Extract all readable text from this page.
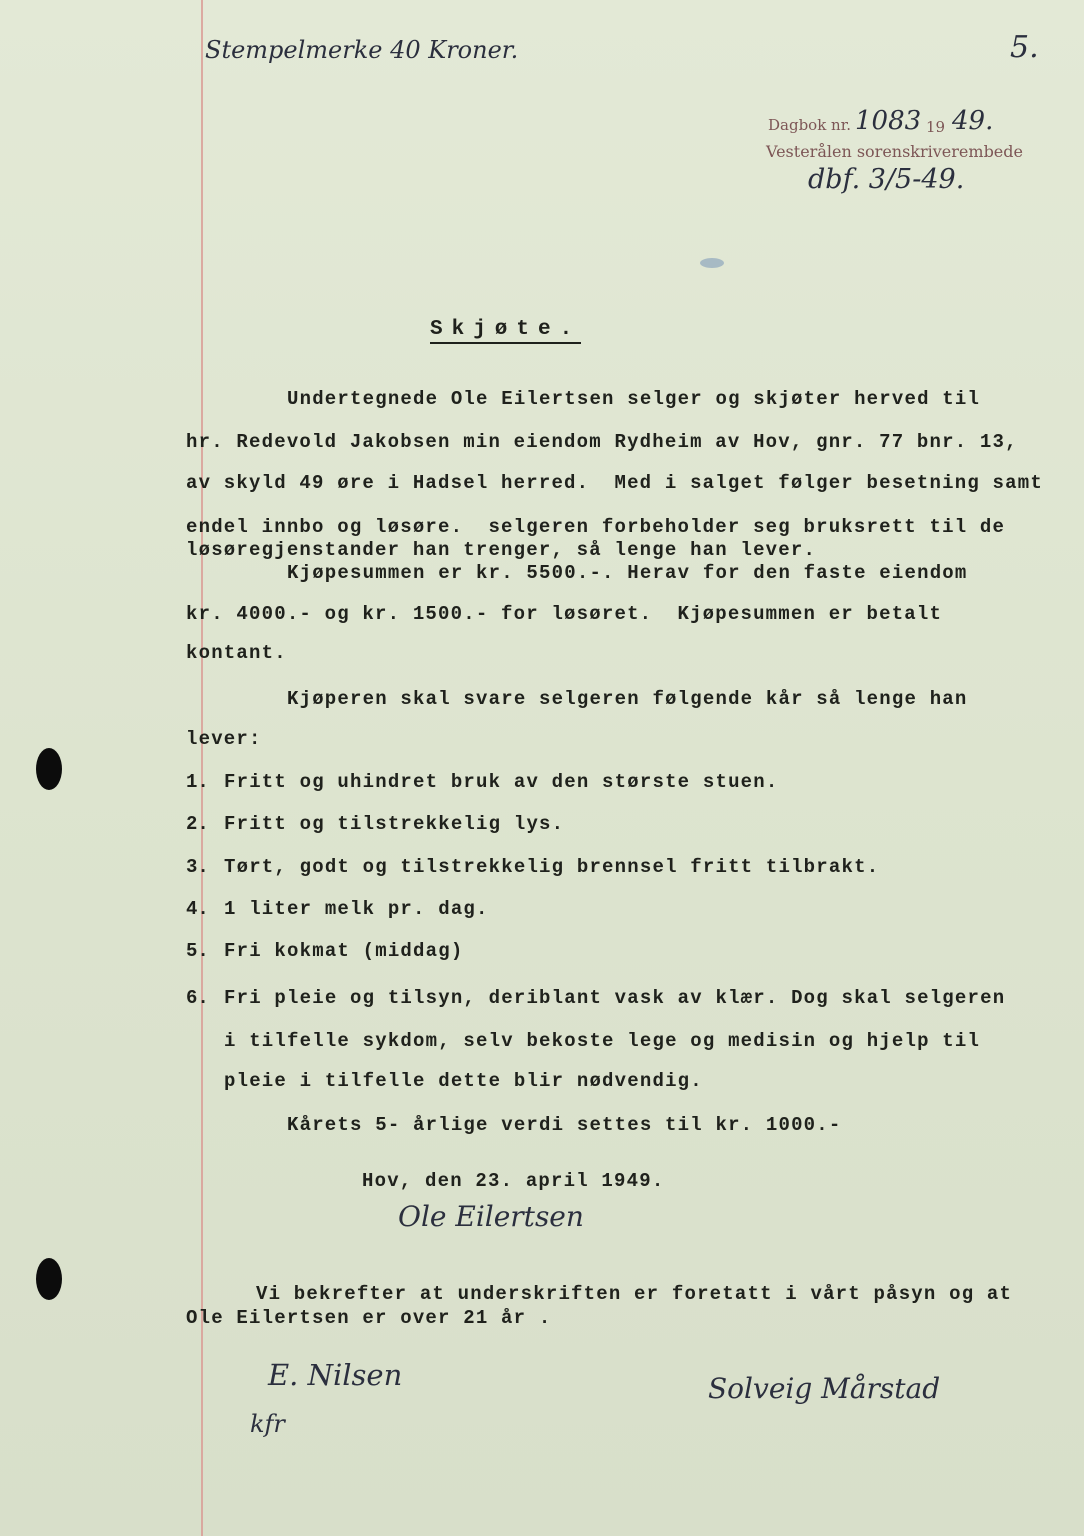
Stempelmerke 40 Kroner.	5.
Dagbok nr. 1083 19 49.
Vesterålen sorenskriverembede
dbf. 3/5-49.
Skjøte.
Undertegnede Ole Eilertsen selger og skjøter herved til
hr. Redevold Jakobsen min eiendom Rydheim av Hov, gnr. 77 bnr. 13,
av skyld 49 øre i Hadsel herred.  Med i salget følger besetning samt
endel innbo og løsøre.  selgeren forbeholder seg bruksrett til de
løsøregjenstander han trenger, så lenge han lever.
Kjøpesummen er kr. 5500.-. Herav for den faste eiendom
kr. 4000.- og kr. 1500.- for løsøret.  Kjøpesummen er betalt
kontant.
Kjøperen skal svare selgeren følgende kår så lenge han
lever:
1. Fritt og uhindret bruk av den største stuen.
2. Fritt og tilstrekkelig lys.
3. Tørt, godt og tilstrekkelig brennsel fritt tilbrakt.
4. 1 liter melk pr. dag.
5. Fri kokmat (middag)
6. Fri pleie og tilsyn, deriblant vask av klær. Dog skal selgeren
i tilfelle sykdom, selv bekoste lege og medisin og hjelp til
pleie i tilfelle dette blir nødvendig.
Kårets 5- årlige verdi settes til kr. 1000.-
Hov, den 23. april 1949.
Ole Eilertsen
Vi bekrefter at underskriften er foretatt i vårt påsyn og at
Ole Eilertsen er over 21 år .
E. Nilsen
kfr
Solveig Mårstad
